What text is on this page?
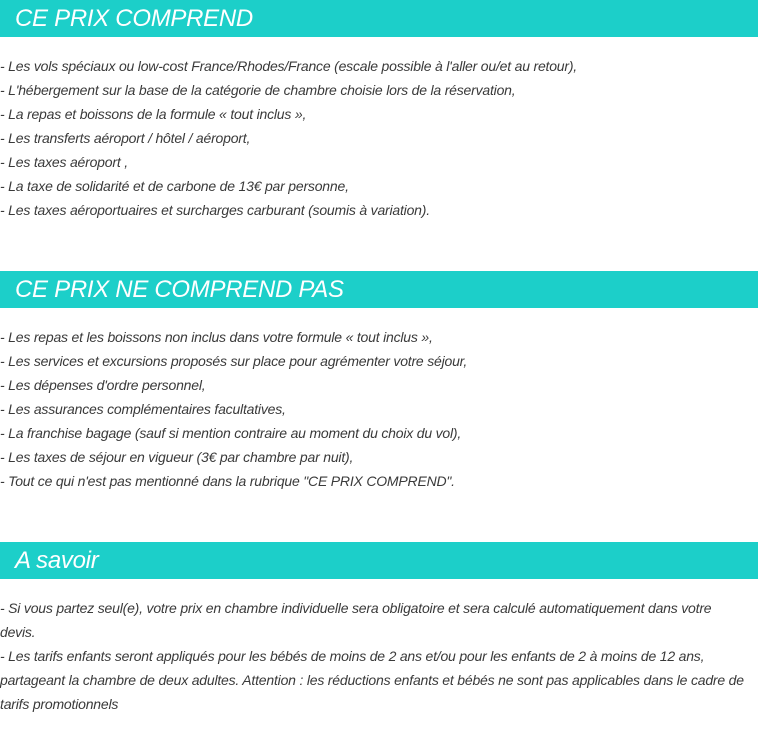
CE PRIX COMPREND
- Les vols spéciaux ou low-cost France/Rhodes/France (escale possible à l'aller ou/et au retour),
- L'hébergement sur la base de la catégorie de chambre choisie lors de la réservation,
- La repas et boissons de la formule « tout inclus »,
- Les transferts aéroport / hôtel / aéroport,
- Les taxes aéroport ,
- La taxe de solidarité et de carbone de 13€ par personne,
- Les taxes aéroportuaires et surcharges carburant (soumis à variation).
CE PRIX NE COMPREND PAS
- Les repas et les boissons non inclus dans votre formule « tout inclus »,
- Les services et excursions proposés sur place pour agrémenter votre séjour,
- Les dépenses d'ordre personnel,
- Les assurances complémentaires facultatives,
- La franchise bagage (sauf si mention contraire au moment du choix du vol),
- Les taxes de séjour en vigueur (3€ par chambre par nuit),
- Tout ce qui n'est pas mentionné dans la rubrique "CE PRIX COMPREND".
A savoir
- Si vous partez seul(e), votre prix en chambre individuelle sera obligatoire et sera calculé automatiquement dans votre devis.
- Les tarifs enfants seront appliqués pour les bébés de moins de 2 ans et/ou pour les enfants de 2 à moins de 12 ans, partageant la chambre de deux adultes. Attention : les réductions enfants et bébés ne sont pas applicables dans le cadre de tarifs promotionnels
